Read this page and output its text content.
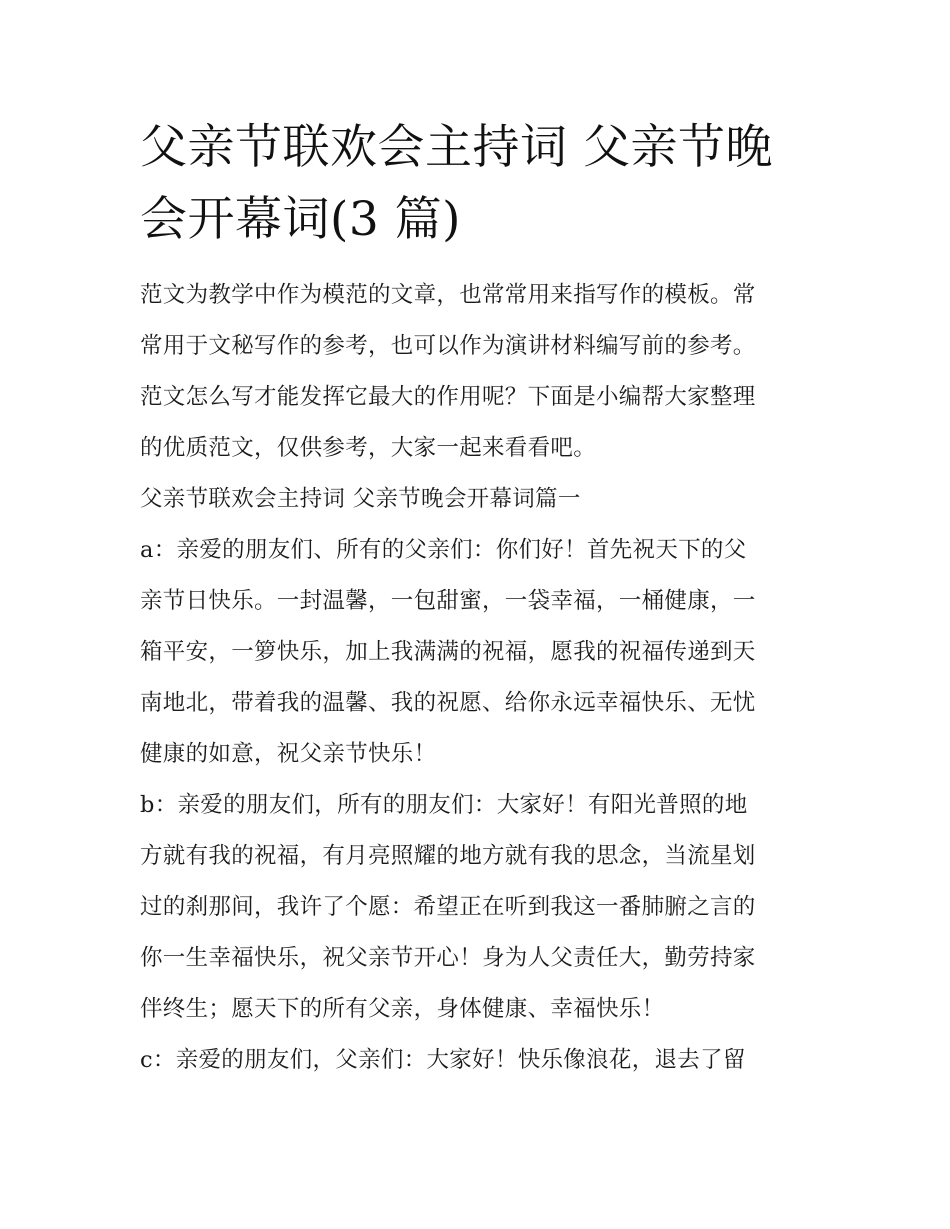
父亲节联欢会主持词 父亲节晚
会开幕词(3 篇)

范文为教学中作为模范的文章，也常常用来指写作的模板。常
常用于文秘写作的参考，也可以作为演讲材料编写前的参考。
范文怎么写才能发挥它最大的作用呢？下面是小编帮大家整理
的优质范文，仅供参考，大家一起来看看吧。

父亲节联欢会主持词 父亲节晚会开幕词篇一

a：亲爱的朋友们、所有的父亲们：你们好！首先祝天下的父
亲节日快乐。一封温馨，一包甜蜜，一袋幸福，一桶健康，一
箱平安，一箩快乐，加上我满满的祝福，愿我的祝福传递到天
南地北，带着我的温馨、我的祝愿、给你永远幸福快乐、无忧
健康的如意，祝父亲节快乐！

b：亲爱的朋友们，所有的朋友们：大家好！有阳光普照的地
方就有我的祝福，有月亮照耀的地方就有我的思念，当流星划
过的刹那间，我许了个愿：希望正在听到我这一番肺腑之言的
你一生幸福快乐，祝父亲节开心！身为人父责任大，勤劳持家
伴终生；愿天下的所有父亲，身体健康、幸福快乐！

c：亲爱的朋友们，父亲们：大家好！快乐像浪花，退去了留
